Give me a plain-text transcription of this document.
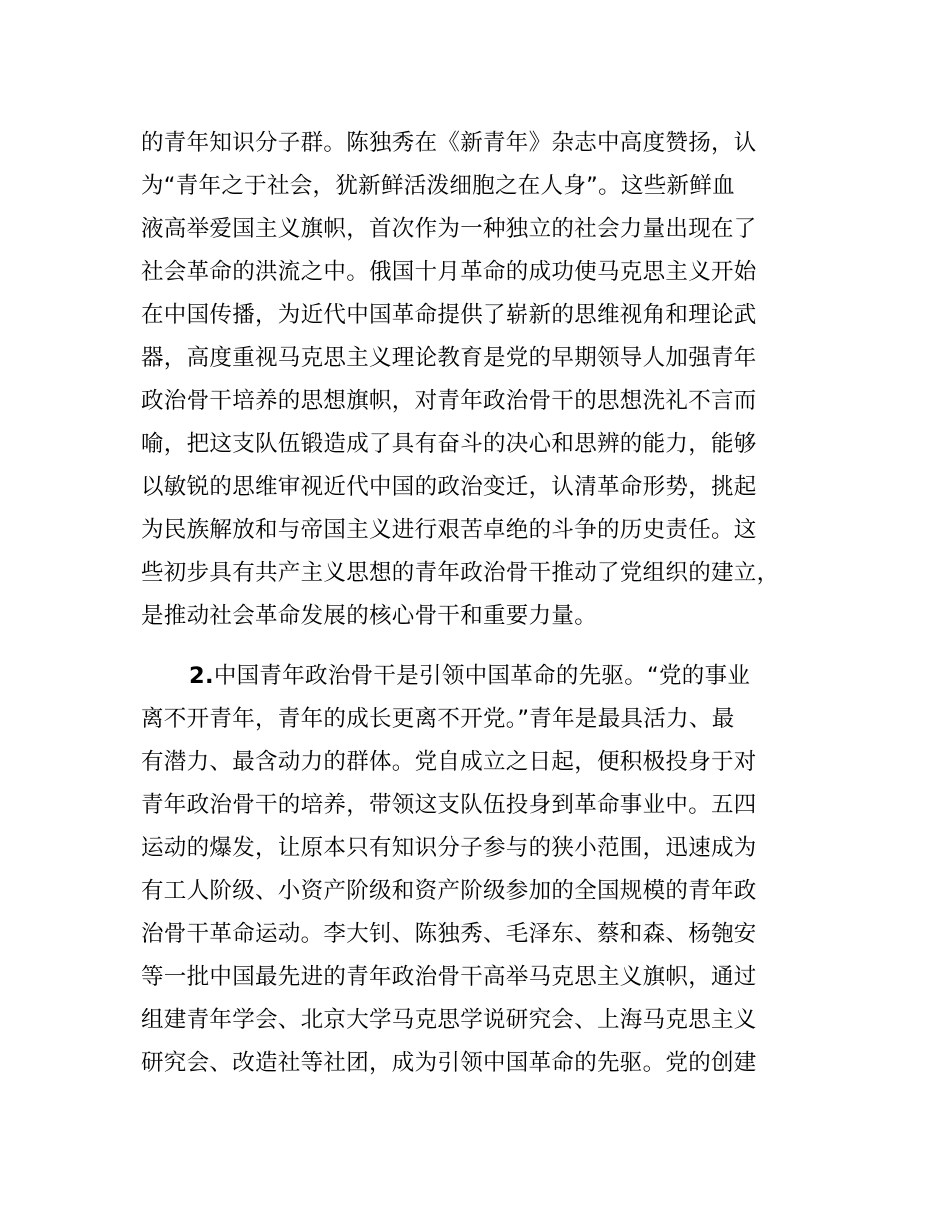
的青年知识分子群。陈独秀在《新青年》杂志中高度赞扬，认
为“青年之于社会，犹新鲜活泼细胞之在人身”。这些新鲜血
液高举爱国主义旗帜，首次作为一种独立的社会力量出现在了
社会革命的洪流之中。俄国十月革命的成功使马克思主义开始
在中国传播，为近代中国革命提供了崭新的思维视角和理论武
器，高度重视马克思主义理论教育是党的早期领导人加强青年
政治骨干培养的思想旗帜，对青年政治骨干的思想洗礼不言而
喻，把这支队伍锻造成了具有奋斗的决心和思辨的能力，能够
以敏锐的思维审视近代中国的政治变迁，认清革命形势，挑起
为民族解放和与帝国主义进行艰苦卓绝的斗争的历史责任。这
些初步具有共产主义思想的青年政治骨干推动了党组织的建立，
是推动社会革命发展的核心骨干和重要力量。
2.中国青年政治骨干是引领中国革命的先驱。“党的事业
离不开青年，青年的成长更离不开党。”青年是最具活力、最
有潜力、最含动力的群体。党自成立之日起，便积极投身于对
青年政治骨干的培养，带领这支队伍投身到革命事业中。五四
运动的爆发，让原本只有知识分子参与的狭小范围，迅速成为
有工人阶级、小资产阶级和资产阶级参加的全国规模的青年政
治骨干革命运动。李大钊、陈独秀、毛泽东、蔡和森、杨匏安
等一批中国最先进的青年政治骨干高举马克思主义旗帜，通过
组建青年学会、北京大学马克思学说研究会、上海马克思主义
研究会、改造社等社团，成为引领中国革命的先驱。党的创建
